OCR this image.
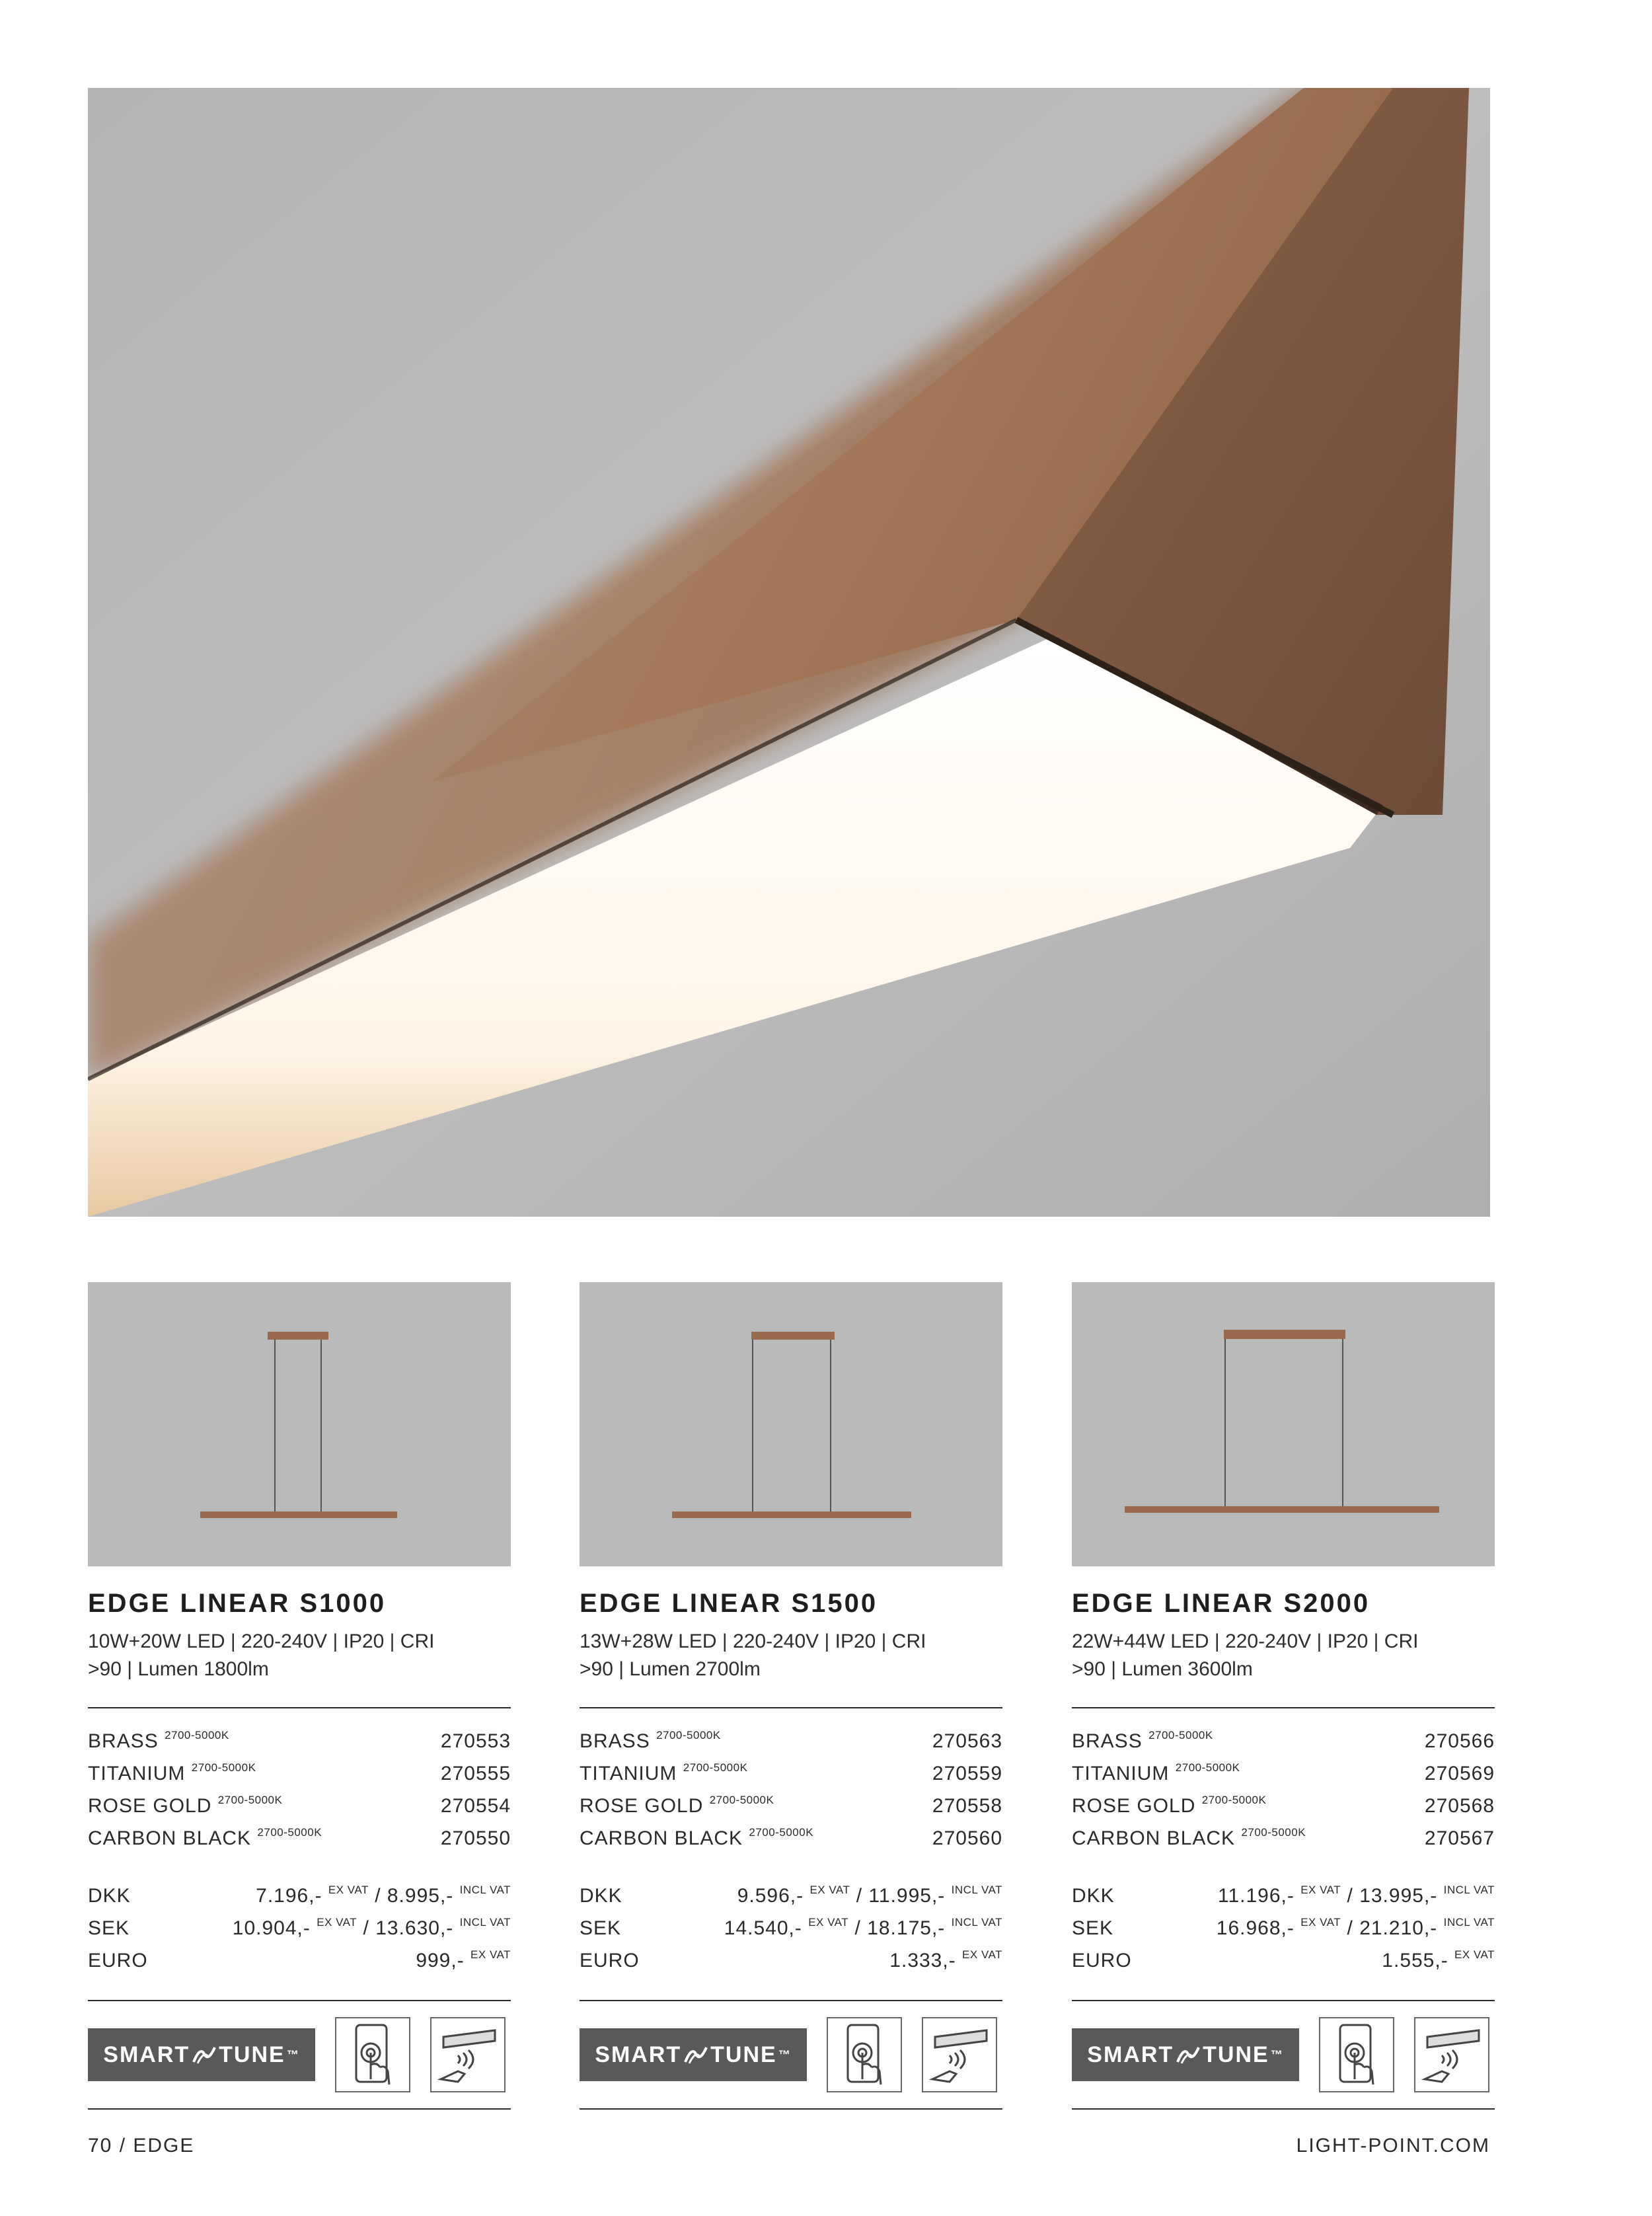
EDGE LINEAR S1000
10W+20W LED | 220-240V | IP20 | CRI >90 | Lumen 1800lm
BRASS $^{2700-5000K}$	270553
TITANIUM $^{2700-5000K}$	270555
ROSE GOLD $^{2700-5000K}$	270554
CARBON BLACK $^{2700-5000K}$	270550
DKK	7.196,- $^{EX VAT}$ / 8.995,- $^{INCL VAT}$
SEK	10.904,- $^{EX VAT}$ / 13.630,- $^{INCL VAT}$
EURO	999,- $^{EX VAT}$
SMART TUNE ™
EDGE LINEAR S1500
13W+28W LED | 220-240V | IP20 | CRI >90 | Lumen 2700lm
BRASS $^{2700-5000K}$	270563
TITANIUM $^{2700-5000K}$	270559
ROSE GOLD $^{2700-5000K}$	270558
CARBON BLACK $^{2700-5000K}$	270560
DKK	9.596,- $^{EX VAT}$ / 11.995,- $^{INCL VAT}$
SEK	14.540,- $^{EX VAT}$ / 18.175,- $^{INCL VAT}$
EURO	1.333,- $^{EX VAT}$
SMART TUNE ™
EDGE LINEAR S2000
22W+44W LED | 220-240V | IP20 | CRI >90 | Lumen 3600lm
BRASS $^{2700-5000K}$	270566
TITANIUM $^{2700-5000K}$	270569
ROSE GOLD $^{2700-5000K}$	270568
CARBON BLACK $^{2700-5000K}$	270567
DKK	11.196,- $^{EX VAT}$ / 13.995,- $^{INCL VAT}$
SEK	16.968,- $^{EX VAT}$ / 21.210,- $^{INCL VAT}$
EURO	1.555,- $^{EX VAT}$
SMART TUNE ™
70 / EDGE	LIGHT-POINT.COM
